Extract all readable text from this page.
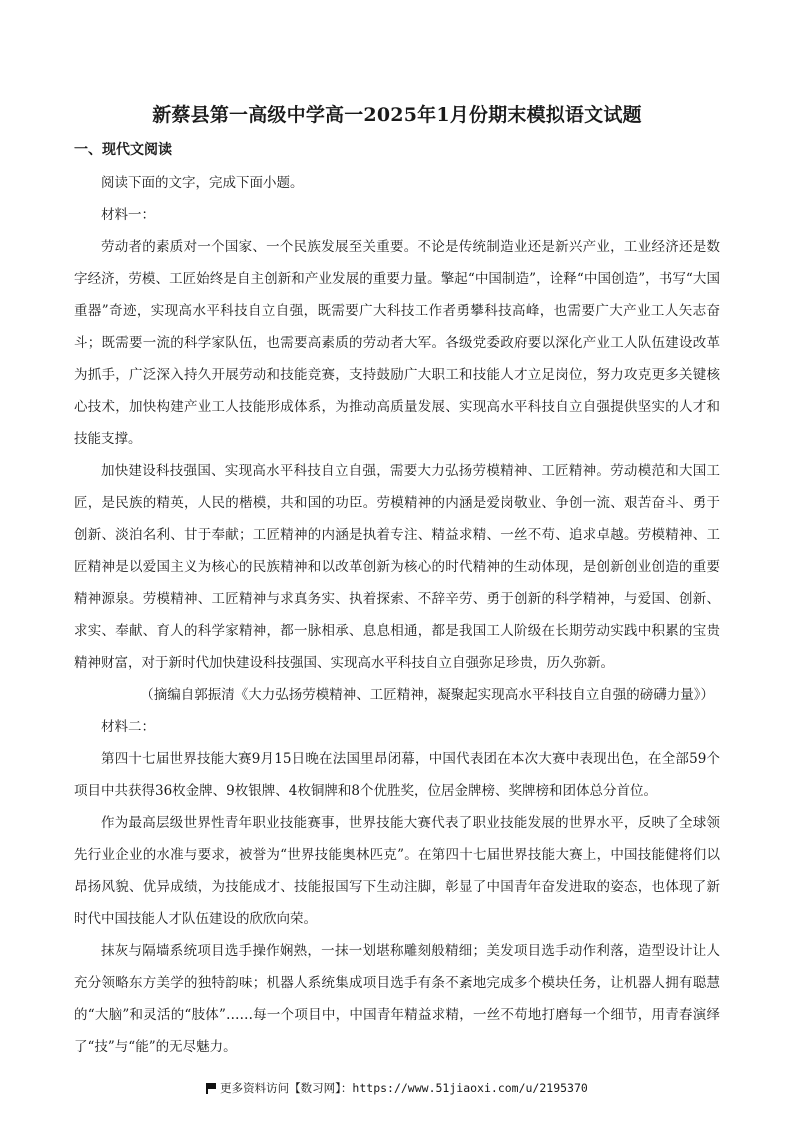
新蔡县第一高级中学高一2025年1月份期末模拟语文试题
一、现代文阅读

阅读下面的文字，完成下面小题。

材料一：

劳动者的素质对一个国家、一个民族发展至关重要。不论是传统制造业还是新兴产业，工业经济还是数字经济，劳模、工匠始终是自主创新和产业发展的重要力量。擎起“中国制造”，诠释“中国创造”，书写“大国重器”奇迹，实现高水平科技自立自强，既需要广大科技工作者勇攀科技高峰，也需要广大产业工人矢志奋斗；既需要一流的科学家队伍，也需要高素质的劳动者大军。各级党委政府要以深化产业工人队伍建设改革为抓手，广泛深入持久开展劳动和技能竞赛，支持鼓励广大职工和技能人才立足岗位，努力攻克更多关键核心技术，加快构建产业工人技能形成体系，为推动高质量发展、实现高水平科技自立自强提供坚实的人才和技能支撑。

加快建设科技强国、实现高水平科技自立自强，需要大力弘扬劳模精神、工匠精神。劳动模范和大国工匠，是民族的精英，人民的楷模，共和国的功臣。劳模精神的内涵是爱岗敬业、争创一流、艰苦奋斗、勇于创新、淡泊名利、甘于奉献；工匠精神的内涵是执着专注、精益求精、一丝不苟、追求卓越。劳模精神、工匠精神是以爱国主义为核心的民族精神和以改革创新为核心的时代精神的生动体现，是创新创业创造的重要精神源泉。劳模精神、工匠精神与求真务实、执着探索、不辞辛劳、勇于创新的科学精神，与爱国、创新、求实、奉献、育人的科学家精神，都一脉相承、息息相通，都是我国工人阶级在长期劳动实践中积累的宝贵精神财富，对于新时代加快建设科技强国、实现高水平科技自立自强弥足珍贵，历久弥新。

（摘编自郭振清《大力弘扬劳模精神、工匠精神，凝聚起实现高水平科技自立自强的磅礴力量》）

材料二：

第四十七届世界技能大赛9月15日晚在法国里昂闭幕，中国代表团在本次大赛中表现出色，在全部59个项目中共获得36枚金牌、9枚银牌、4枚铜牌和8个优胜奖，位居金牌榜、奖牌榜和团体总分首位。

作为最高层级世界性青年职业技能赛事，世界技能大赛代表了职业技能发展的世界水平，反映了全球领先行业企业的水准与要求，被誉为“世界技能奥林匹克”。在第四十七届世界技能大赛上，中国技能健将们以昂扬风貌、优异成绩，为技能成才、技能报国写下生动注脚，彰显了中国青年奋发进取的姿态，也体现了新时代中国技能人才队伍建设的欣欣向荣。

抹灰与隔墙系统项目选手操作娴熟，一抹一划堪称雕刻般精细；美发项目选手动作利落，造型设计让人充分领略东方美学的独特韵味；机器人系统集成项目选手有条不紊地完成多个模块任务，让机器人拥有聪慧的“大脑”和灵活的“肢体”……每一个项目中，中国青年精益求精，一丝不苟地打磨每一个细节，用青春演绎了“技”与“能”的无尽魅力。

更多资料访问【数习网】：https://www.51jiaoxi.com/u/2195370
